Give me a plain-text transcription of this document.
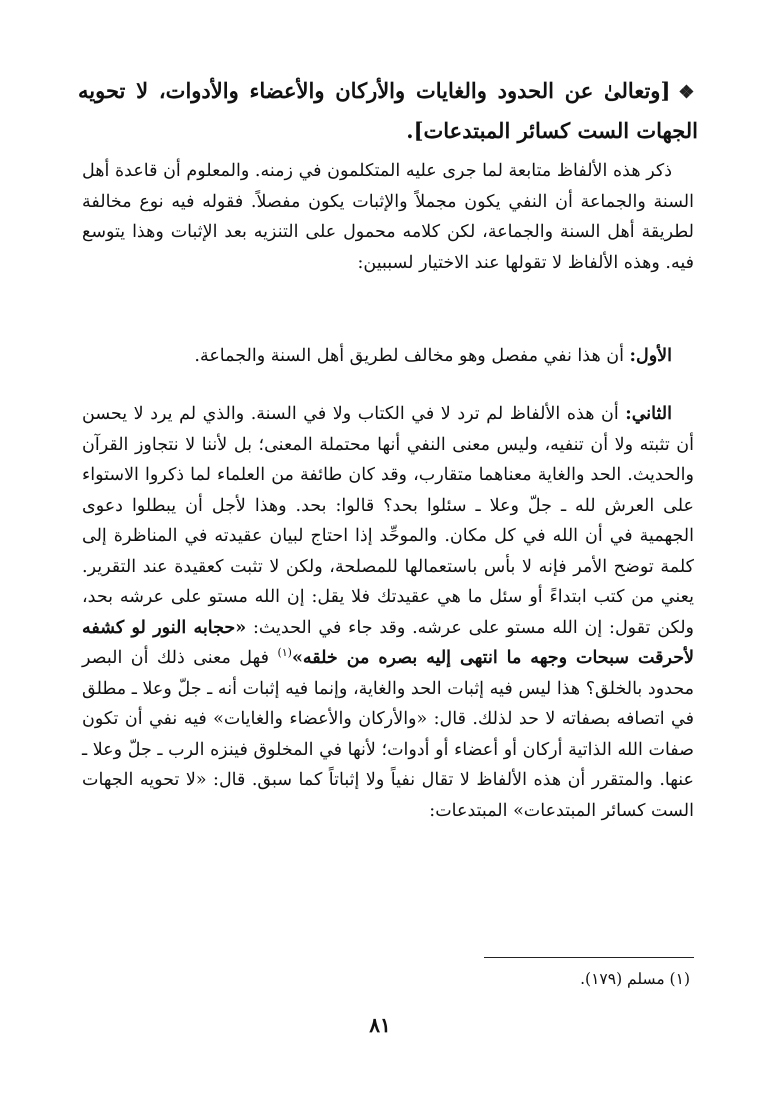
❖[وتعالىٰ عن الحدود والغايات والأركان والأعضاء والأدوات، لا تحويه الجهات الست كسائر المبتدعات].

ذكر هذه الألفاظ متابعة لما جرى عليه المتكلمون في زمنه. والمعلوم أن قاعدة أهل السنة والجماعة أن النفي يكون مجملاً والإثبات يكون مفصلاً. فقوله فيه نوع مخالفة لطريقة أهل السنة والجماعة، لكن كلامه محمول على التنزيه بعد الإثبات وهذا يتوسع فيه. وهذه الألفاظ لا تقولها عند الاختيار لسببين:

الأول: أن هذا نفي مفصل وهو مخالف لطريق أهل السنة والجماعة.

الثاني: أن هذه الألفاظ لم ترد لا في الكتاب ولا في السنة. والذي لم يرد لا يحسن أن تثبته ولا أن تنفيه، وليس معنى النفي أنها محتملة المعنى؛ بل لأننا لا نتجاوز القرآن والحديث. الحد والغاية معناهما متقارب، وقد كان طائفة من العلماء لما ذكروا الاستواء على العرش لله ـ جلّ وعلا ـ سئلوا بحد؟ قالوا: بحد. وهذا لأجل أن يبطلوا دعوى الجهمية في أن الله في كل مكان. والموحِّد إذا احتاج لبيان عقيدته في المناظرة إلى كلمة توضح الأمر فإنه لا بأس باستعمالها للمصلحة، ولكن لا تثبت كعقيدة عند التقرير. يعني من كتب ابتداءً أو سئل ما هي عقيدتك فلا يقل: إن الله مستو على عرشه بحد، ولكن تقول: إن الله مستو على عرشه. وقد جاء في الحديث: «حجابه النور لو كشفه لأحرقت سبحات وجهه ما انتهى إليه بصره من خلقه»$^{(١)}$ فهل معنى ذلك أن البصر محدود بالخلق؟ هذا ليس فيه إثبات الحد والغاية، وإنما فيه إثبات أنه ـ جلّ وعلا ـ مطلق في اتصافه بصفاته لا حد لذلك. قال: «والأركان والأعضاء والغايات» فيه نفي أن تكون صفات الله الذاتية أركان أو أعضاء أو أدوات؛ لأنها في المخلوق فينزه الرب ـ جلّ وعلا ـ عنها. والمتقرر أن هذه الألفاظ لا تقال نفياً ولا إثباتاً كما سبق. قال: «لا تحويه الجهات الست كسائر المبتدعات» المبتدعات:

(١) مسلم (١٧٩).
٨١
